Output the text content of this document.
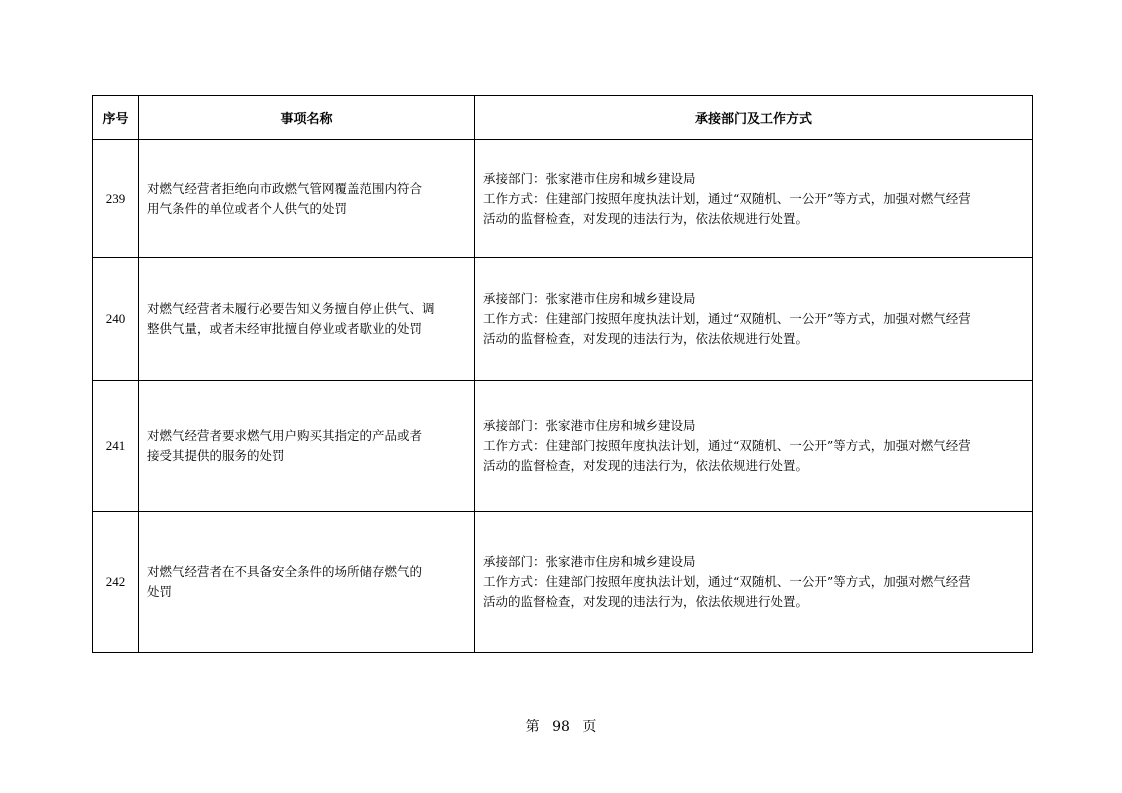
序号	事项名称	承接部门及工作方式
239	对燃气经营者拒绝向市政燃气管网覆盖范围内符合
用气条件的单位或者个人供气的处罚	承接部门：张家港市住房和城乡建设局
工作方式：住建部门按照年度执法计划，通过“双随机、一公开”等方式，加强对燃气经营
活动的监督检查，对发现的违法行为，依法依规进行处置。

240	对燃气经营者未履行必要告知义务擅自停止供气、调
整供气量，或者未经审批擅自停业或者歇业的处罚	承接部门：张家港市住房和城乡建设局
工作方式：住建部门按照年度执法计划，通过“双随机、一公开”等方式，加强对燃气经营
活动的监督检查，对发现的违法行为，依法依规进行处置。

241	对燃气经营者要求燃气用户购买其指定的产品或者
接受其提供的服务的处罚	承接部门：张家港市住房和城乡建设局
工作方式：住建部门按照年度执法计划，通过“双随机、一公开”等方式，加强对燃气经营
活动的监督检查，对发现的违法行为，依法依规进行处置。

242	对燃气经营者在不具备安全条件的场所储存燃气的
处罚	承接部门：张家港市住房和城乡建设局
工作方式：住建部门按照年度执法计划，通过“双随机、一公开”等方式，加强对燃气经营
活动的监督检查，对发现的违法行为，依法依规进行处置。
第 98 页
